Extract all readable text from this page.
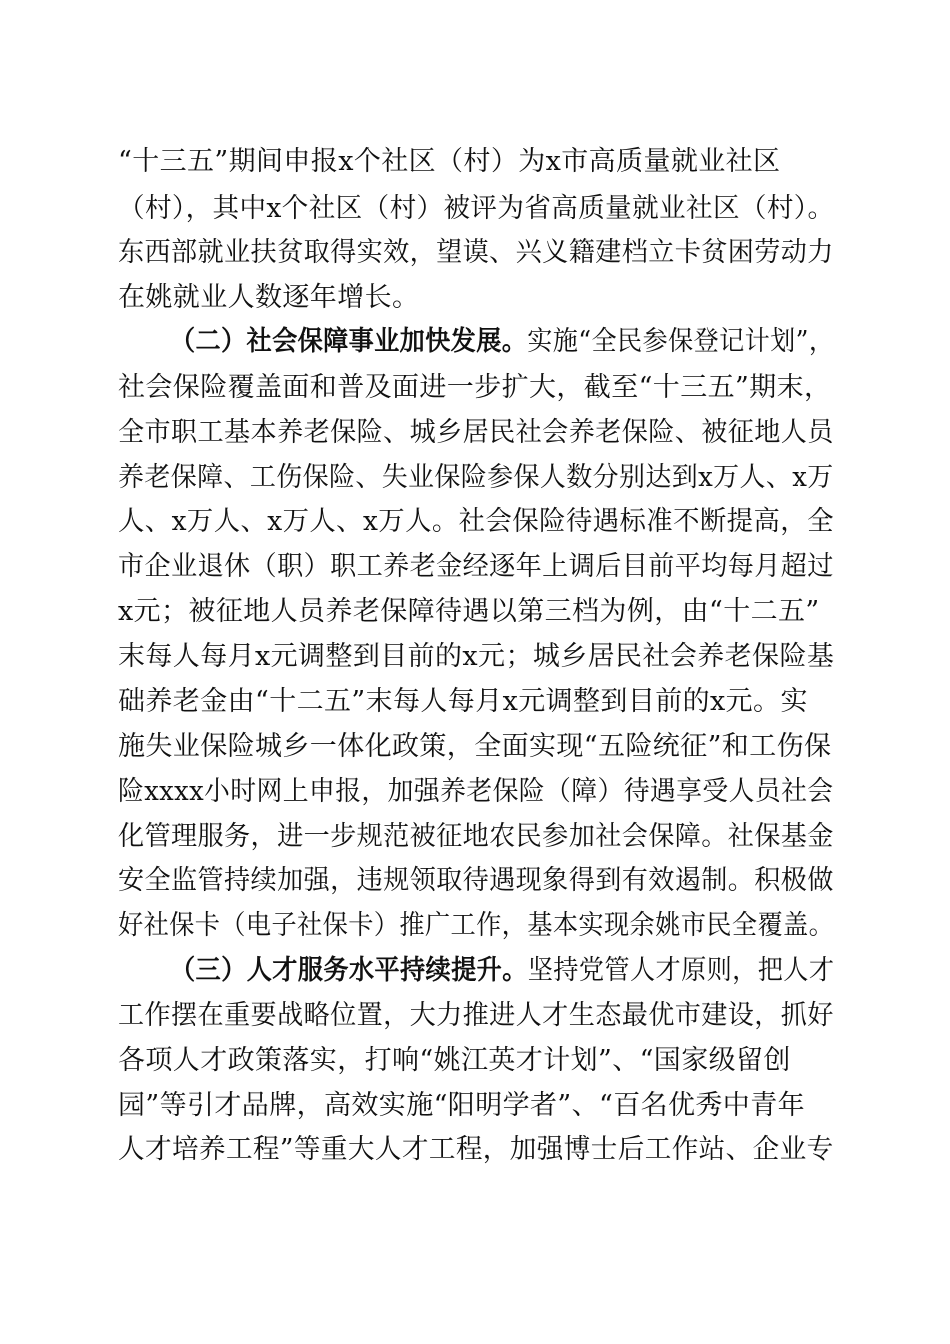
“十三五”期间申报x个社区（村）为x市高质量就业社区
（村），其中x个社区（村）被评为省高质量就业社区（村）。
东西部就业扶贫取得实效，望谟、兴义籍建档立卡贫困劳动力
在姚就业人数逐年增长。
（二）社会保障事业加快发展。实施“全民参保登记计划”，
社会保险覆盖面和普及面进一步扩大，截至“十三五”期末，
全市职工基本养老保险、城乡居民社会养老保险、被征地人员
养老保障、工伤保险、失业保险参保人数分别达到x万人、x万
人、x万人、x万人、x万人。社会保险待遇标准不断提高，全
市企业退休（职）职工养老金经逐年上调后目前平均每月超过
x元；被征地人员养老保障待遇以第三档为例，由“十二五”
末每人每月x元调整到目前的x元；城乡居民社会养老保险基
础养老金由“十二五”末每人每月x元调整到目前的x元。实
施失业保险城乡一体化政策，全面实现“五险统征”和工伤保
险xxxx小时网上申报，加强养老保险（障）待遇享受人员社会
化管理服务，进一步规范被征地农民参加社会保障。社保基金
安全监管持续加强，违规领取待遇现象得到有效遏制。积极做
好社保卡（电子社保卡）推广工作，基本实现余姚市民全覆盖。
（三）人才服务水平持续提升。坚持党管人才原则，把人才
工作摆在重要战略位置，大力推进人才生态最优市建设，抓好
各项人才政策落实，打响“姚江英才计划”、“国家级留创
园”等引才品牌，高效实施“阳明学者”、“百名优秀中青年
人才培养工程”等重大人才工程，加强博士后工作站、企业专
